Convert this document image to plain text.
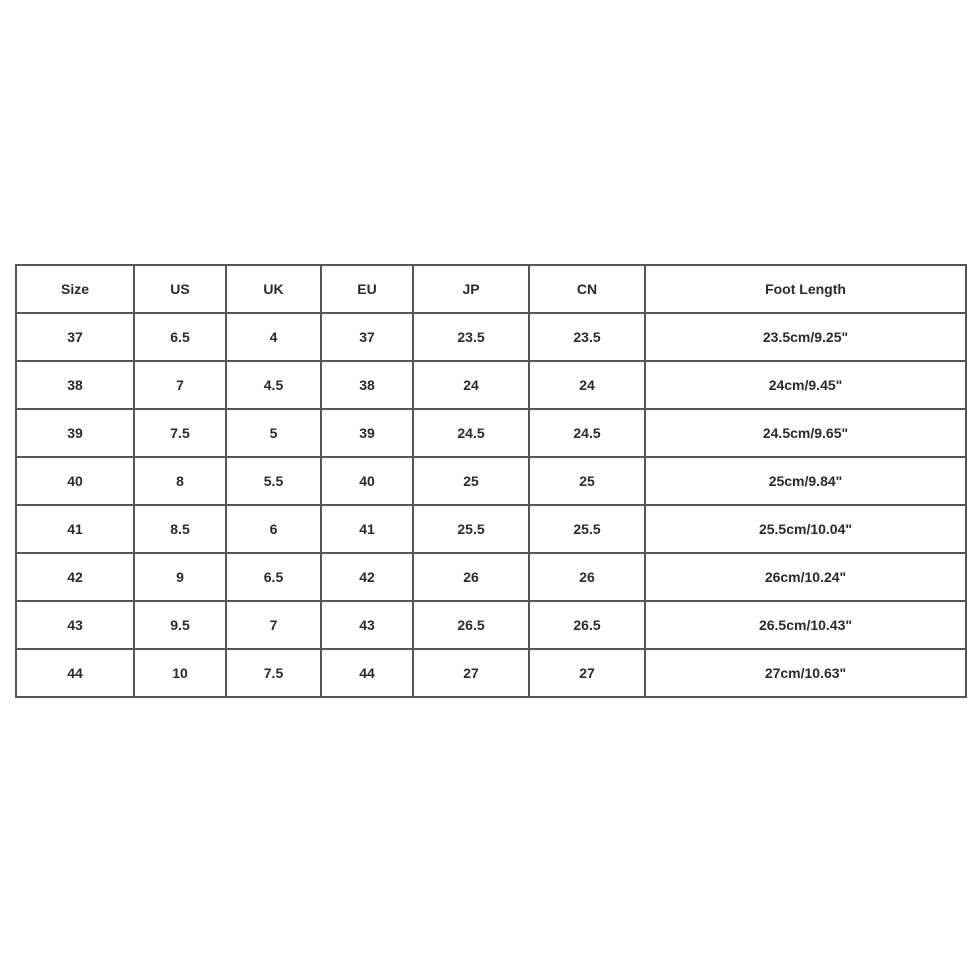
Size	US	UK	EU	JP	CN	Foot Length
37	6.5	4	37	23.5	23.5	23.5cm/9.25"
38	7	4.5	38	24	24	24cm/9.45"
39	7.5	5	39	24.5	24.5	24.5cm/9.65"
40	8	5.5	40	25	25	25cm/9.84"
41	8.5	6	41	25.5	25.5	25.5cm/10.04"
42	9	6.5	42	26	26	26cm/10.24"
43	9.5	7	43	26.5	26.5	26.5cm/10.43"
44	10	7.5	44	27	27	27cm/10.63"
